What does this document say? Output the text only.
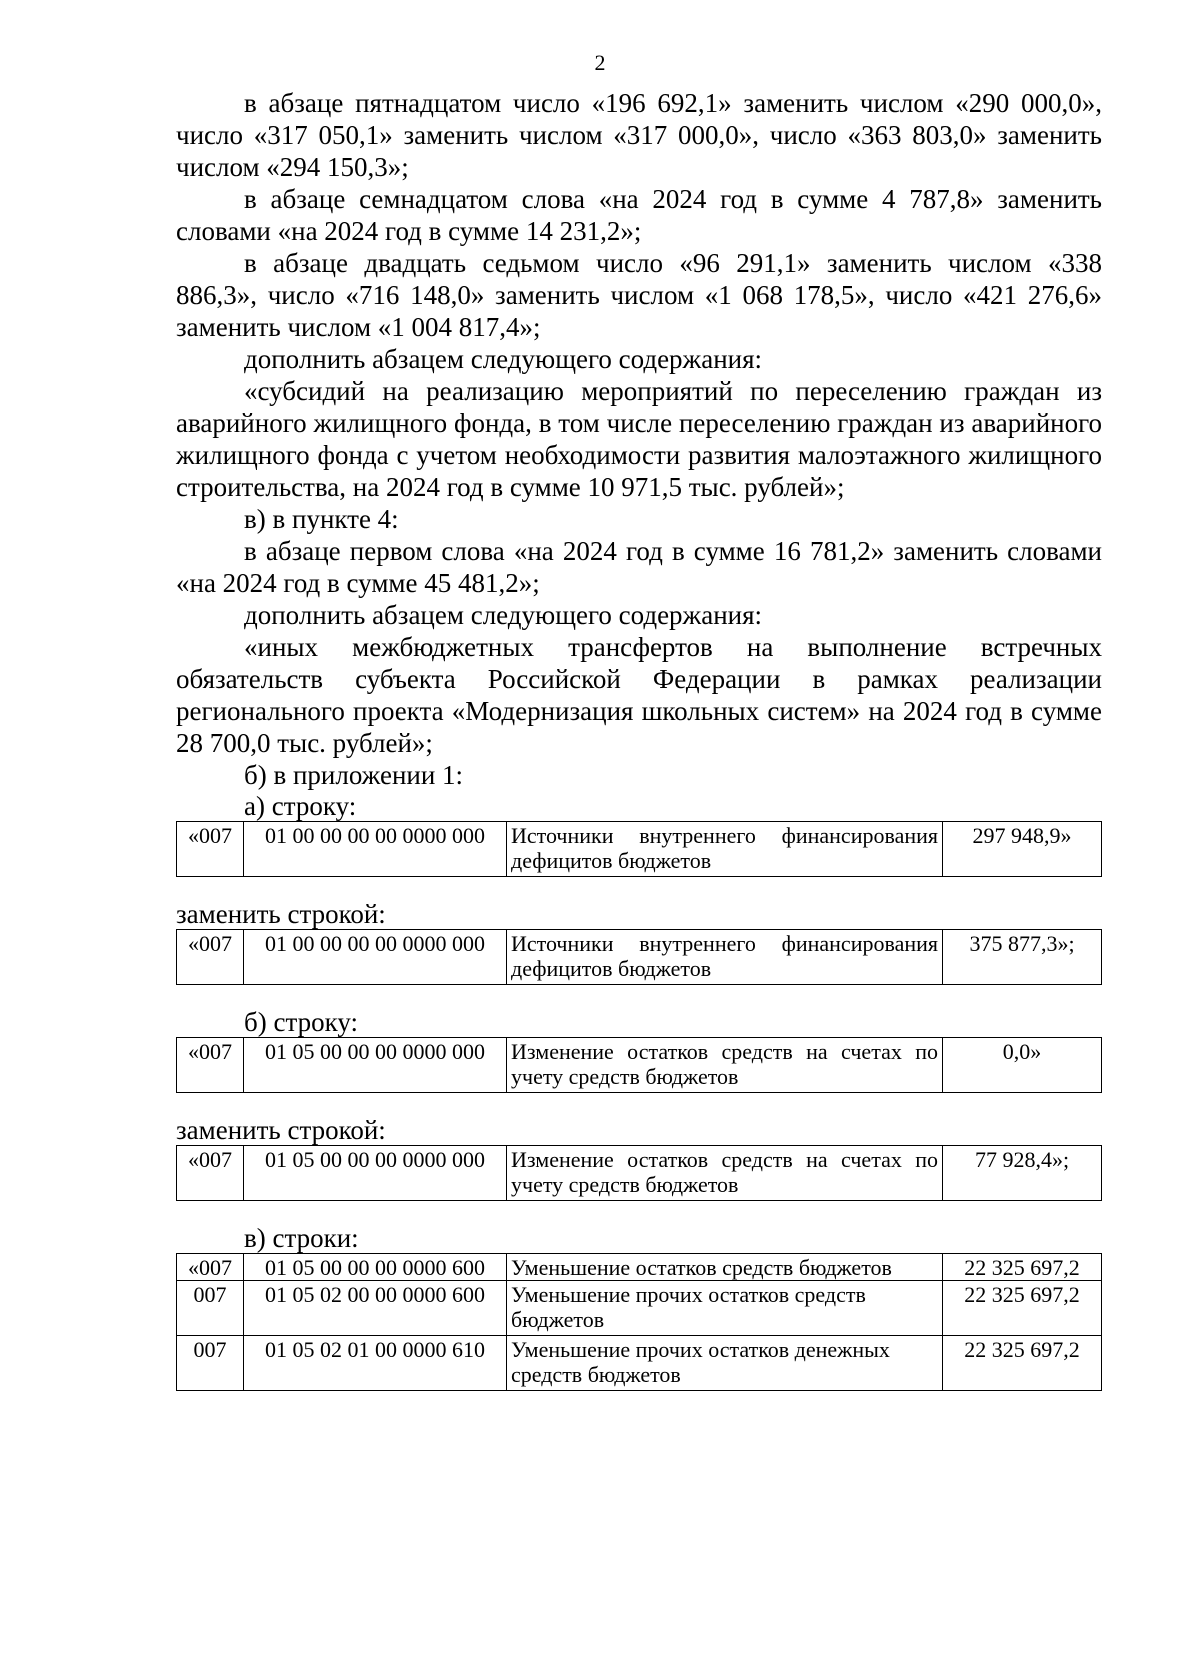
2

в абзаце пятнадцатом число «196 692,1» заменить числом «290 000,0», число «317 050,1» заменить числом «317 000,0», число «363 803,0» заменить числом «294 150,3»;

в абзаце семнадцатом слова «на 2024 год в сумме 4 787,8» заменить словами «на 2024 год в сумме 14 231,2»;

в абзаце двадцать седьмом число «96 291,1» заменить числом «338 886,3», число «716 148,0» заменить числом «1 068 178,5», число «421 276,6» заменить числом «1 004 817,4»;

дополнить абзацем следующего содержания:

«субсидий на реализацию мероприятий по переселению граждан из аварийного жилищного фонда, в том числе переселению граждан из аварийного жилищного фонда с учетом необходимости развития малоэтажного жилищного строительства, на 2024 год в сумме 10 971,5 тыс. рублей»;

в) в пункте 4:

в абзаце первом слова «на 2024 год в сумме 16 781,2» заменить словами «на 2024 год в сумме 45 481,2»;

дополнить абзацем следующего содержания:

«иных межбюджетных трансфертов на выполнение встречных обязательств субъекта Российской Федерации в рамках реализации регионального проекта «Модернизация школьных систем» на 2024 год в сумме 28 700,0 тыс. рублей»;

б) в приложении 1:

а) строку:

«007	01 00 00 00 00 0000 000	Источники внутреннего финансирования дефицитов бюджетов	297 948,9»

заменить строкой:

«007	01 00 00 00 00 0000 000	Источники внутреннего финансирования дефицитов бюджетов	375 877,3»;

б) строку:

«007	01 05 00 00 00 0000 000	Изменение остатков средств на счетах по учету средств бюджетов	0,0»

заменить строкой:

«007	01 05 00 00 00 0000 000	Изменение остатков средств на счетах по учету средств бюджетов	77 928,4»;

в) строки:

«007	01 05 00 00 00 0000 600	Уменьшение остатков средств бюджетов	22 325 697,2
007	01 05 02 00 00 0000 600	Уменьшение прочих остатков средств бюджетов	22 325 697,2
007	01 05 02 01 00 0000 610	Уменьшение прочих остатков денежных средств бюджетов	22 325 697,2
